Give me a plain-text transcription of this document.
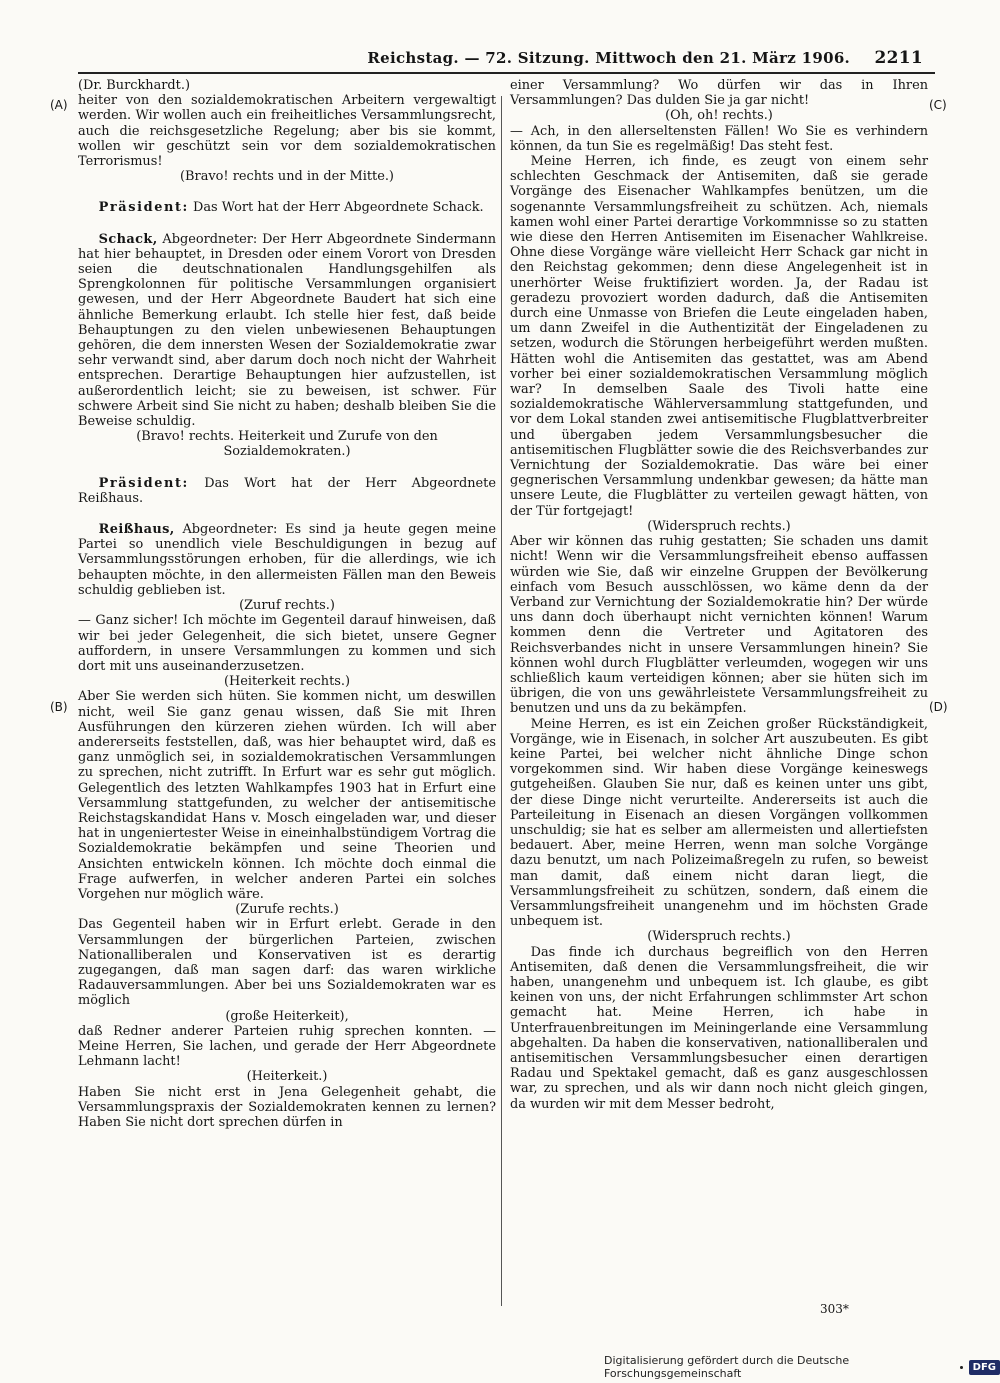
Reichstag. — 72. Sitzung. Mittwoch den 21. März 1906.	2211
(A)
(B)
(C)
(D)

(Dr. Burckhardt.)

heiter von den sozialdemokratischen Arbeitern vergewaltigt werden. Wir wollen auch ein freiheitliches Versammlungsrecht, auch die reichsgesetzliche Regelung; aber bis sie kommt, wollen wir geschützt sein vor dem sozialdemokratischen Terrorismus!

(Bravo! rechts und in der Mitte.)

Präsident: Das Wort hat der Herr Abgeordnete Schack.

Schack, Abgeordneter: Der Herr Abgeordnete Sindermann hat hier behauptet, in Dresden oder einem Vorort von Dresden seien die deutschnationalen Handlungsgehilfen als Sprengkolonnen für politische Versammlungen organisiert gewesen, und der Herr Abgeordnete Baudert hat sich eine ähnliche Bemerkung erlaubt. Ich stelle hier fest, daß beide Behauptungen zu den vielen unbewiesenen Behauptungen gehören, die dem innersten Wesen der Sozialdemokratie zwar sehr verwandt sind, aber darum doch noch nicht der Wahrheit entsprechen. Derartige Behauptungen hier aufzustellen, ist außerordentlich leicht; sie zu beweisen, ist schwer. Für schwere Arbeit sind Sie nicht zu haben; deshalb bleiben Sie die Beweise schuldig.

(Bravo! rechts. Heiterkeit und Zurufe von den Sozialdemokraten.)

Präsident: Das Wort hat der Herr Abgeordnete Reißhaus.

Reißhaus, Abgeordneter: Es sind ja heute gegen meine Partei so unendlich viele Beschuldigungen in bezug auf Versammlungsstörungen erhoben, für die allerdings, wie ich behaupten möchte, in den allermeisten Fällen man den Beweis schuldig geblieben ist.

(Zuruf rechts.)

— Ganz sicher! Ich möchte im Gegenteil darauf hinweisen, daß wir bei jeder Gelegenheit, die sich bietet, unsere Gegner auffordern, in unsere Versammlungen zu kommen und sich dort mit uns auseinanderzusetzen.

(Heiterkeit rechts.)

Aber Sie werden sich hüten. Sie kommen nicht, um deswillen nicht, weil Sie ganz genau wissen, daß Sie mit Ihren Ausführungen den kürzeren ziehen würden. Ich will aber andererseits feststellen, daß, was hier behauptet wird, daß es ganz unmöglich sei, in sozialdemokratischen Versammlungen zu sprechen, nicht zutrifft. In Erfurt war es sehr gut möglich. Gelegentlich des letzten Wahlkampfes 1903 hat in Erfurt eine Versammlung stattgefunden, zu welcher der antisemitische Reichstagskandidat Hans v. Mosch eingeladen war, und dieser hat in ungeniertester Weise in eineinhalbstündigem Vortrag die Sozialdemokratie bekämpfen und seine Theorien und Ansichten entwickeln können. Ich möchte doch einmal die Frage aufwerfen, in welcher anderen Partei ein solches Vorgehen nur möglich wäre.

(Zurufe rechts.)

Das Gegenteil haben wir in Erfurt erlebt. Gerade in den Versammlungen der bürgerlichen Parteien, zwischen Nationalliberalen und Konservativen ist es derartig zugegangen, daß man sagen darf: das waren wirkliche Radauversammlungen. Aber bei uns Sozialdemokraten war es möglich

(große Heiterkeit),

daß Redner anderer Parteien ruhig sprechen konnten. — Meine Herren, Sie lachen, und gerade der Herr Abgeordnete Lehmann lacht!

(Heiterkeit.)

Haben Sie nicht erst in Jena Gelegenheit gehabt, die Versammlungspraxis der Sozialdemokraten kennen zu lernen? Haben Sie nicht dort sprechen dürfen in

einer Versammlung? Wo dürfen wir das in Ihren Versammlungen? Das dulden Sie ja gar nicht!

(Oh, oh! rechts.)

— Ach, in den allerseltensten Fällen! Wo Sie es verhindern können, da tun Sie es regelmäßig! Das steht fest.

Meine Herren, ich finde, es zeugt von einem sehr schlechten Geschmack der Antisemiten, daß sie gerade Vorgänge des Eisenacher Wahlkampfes benützen, um die sogenannte Versammlungsfreiheit zu schützen. Ach, niemals kamen wohl einer Partei derartige Vorkommnisse so zu statten wie diese den Herren Antisemiten im Eisenacher Wahlkreise. Ohne diese Vorgänge wäre vielleicht Herr Schack gar nicht in den Reichstag gekommen; denn diese Angelegenheit ist in unerhörter Weise fruktifiziert worden. Ja, der Radau ist geradezu provoziert worden dadurch, daß die Antisemiten durch eine Unmasse von Briefen die Leute eingeladen haben, um dann Zweifel in die Authentizität der Eingeladenen zu setzen, wodurch die Störungen herbeigeführt werden mußten. Hätten wohl die Antisemiten das gestattet, was am Abend vorher bei einer sozialdemokratischen Versammlung möglich war? In demselben Saale des Tivoli hatte eine sozialdemokratische Wählerversammlung stattgefunden, und vor dem Lokal standen zwei antisemitische Flugblattverbreiter und übergaben jedem Versammlungsbesucher die antisemitischen Flugblätter sowie die des Reichsverbandes zur Vernichtung der Sozialdemokratie. Das wäre bei einer gegnerischen Versammlung undenkbar gewesen; da hätte man unsere Leute, die Flugblätter zu verteilen gewagt hätten, von der Tür fortgejagt!

(Widerspruch rechts.)

Aber wir können das ruhig gestatten; Sie schaden uns damit nicht! Wenn wir die Versammlungsfreiheit ebenso auffassen würden wie Sie, daß wir einzelne Gruppen der Bevölkerung einfach vom Besuch ausschlössen, wo käme denn da der Verband zur Vernichtung der Sozialdemokratie hin? Der würde uns dann doch überhaupt nicht vernichten können! Warum kommen denn die Vertreter und Agitatoren des Reichsverbandes nicht in unsere Versammlungen hinein? Sie können wohl durch Flugblätter verleumden, wogegen wir uns schließlich kaum verteidigen können; aber sie hüten sich im übrigen, die von uns gewährleistete Versammlungsfreiheit zu benutzen und uns da zu bekämpfen.

Meine Herren, es ist ein Zeichen großer Rückständigkeit, Vorgänge, wie in Eisenach, in solcher Art auszubeuten. Es gibt keine Partei, bei welcher nicht ähnliche Dinge schon vorgekommen sind. Wir haben diese Vorgänge keineswegs gutgeheißen. Glauben Sie nur, daß es keinen unter uns gibt, der diese Dinge nicht verurteilte. Andererseits ist auch die Parteileitung in Eisenach an diesen Vorgängen vollkommen unschuldig; sie hat es selber am allermeisten und allertiefsten bedauert. Aber, meine Herren, wenn man solche Vorgänge dazu benutzt, um nach Polizeimaßregeln zu rufen, so beweist man damit, daß einem nicht daran liegt, die Versammlungsfreiheit zu schützen, sondern, daß einem die Versammlungsfreiheit unangenehm und im höchsten Grade unbequem ist.

(Widerspruch rechts.)

Das finde ich durchaus begreiflich von den Herren Antisemiten, daß denen die Versammlungsfreiheit, die wir haben, unangenehm und unbequem ist. Ich glaube, es gibt keinen von uns, der nicht Erfahrungen schlimmster Art schon gemacht hat. Meine Herren, ich habe in Unterfrauenbreitungen im Meiningerlande eine Versammlung abgehalten. Da haben die konservativen, nationalliberalen und antisemitischen Versammlungsbesucher einen derartigen Radau und Spektakel gemacht, daß es ganz ausgeschlossen war, zu sprechen, und als wir dann noch nicht gleich gingen, da wurden wir mit dem Messer bedroht,

303*
Digitalisierung gefördert durch die Deutsche Forschungsgemeinschaft	DFG
